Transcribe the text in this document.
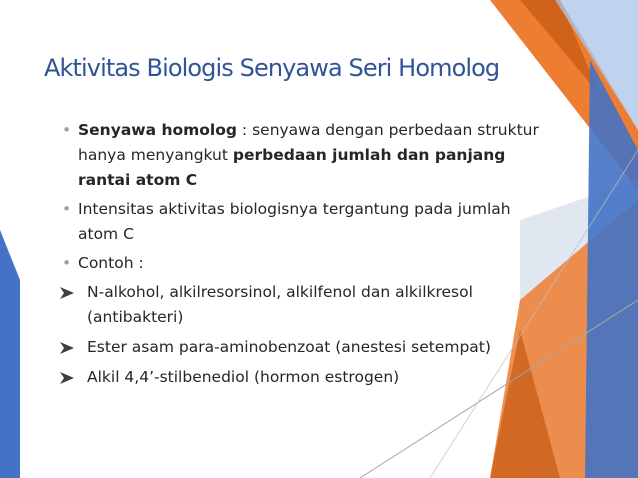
Aktivitas Biologis Senyawa Seri Homolog

• Senyawa homolog : senyawa dengan perbedaan struktur hanya menyangkut perbedaan jumlah dan panjang rantai atom C

• Intensitas aktivitas biologisnya tergantung pada jumlah atom C

• Contoh :

N-alkohol, alkilresorsinol, alkilfenol dan alkilkresol (antibakteri)

Ester asam para-aminobenzoat (anestesi setempat)

Alkil 4,4’-stilbenediol (hormon estrogen)
